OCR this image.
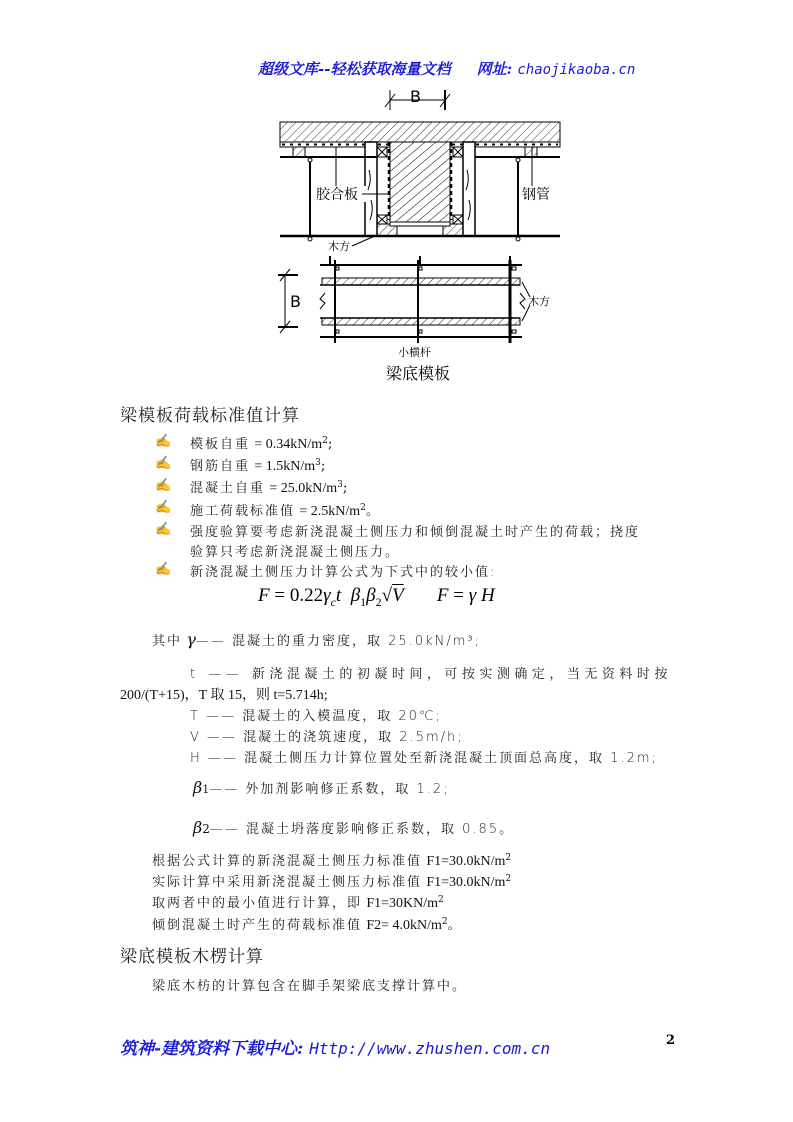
超级文库--轻松获取海量文档 网址: chaojikaoba.cn
胶合板	钢管
木方
B	木方
小横杆
梁底模板
B
梁模板荷载标准值计算
✍ 模板自重 = $0.34kN/m^2$;
✍ 钢筋自重 = $1.5kN/m^3$;
✍ 混凝土自重 = $25.0kN/m^3$;
✍ 施工荷载标准值 = $2.5kN/m^2$。
✍ 强度验算要考虑新浇混凝土侧压力和倾倒混凝土时产生的荷载；挠度
验算只考虑新浇混凝土侧压力。
✍ 新浇混凝土侧压力计算公式为下式中的较小值:
$F = 0.22\gamma_ct$ $\beta_1\beta_2√V$ F = γ H
其中 γ—— 混凝土的重力密度，取 25.0kN/m³;
t —— 新浇混凝土的初凝时间，可按实测确定，当无资料时按
200/(T+15)，T 取 15，则 t=5.714h;
T —— 混凝土的入模温度，取 20℃;
V —— 混凝土的浇筑速度，取 2.5m/h;
H —— 混凝土侧压力计算位置处至新浇混凝土顶面总高度，取 1.2m;
β1—— 外加剂影响修正系数，取 1.2;
β2—— 混凝土坍落度影响修正系数，取 0.85。
根据公式计算的新浇混凝土侧压力标准值 $F1=30.0kN/m^2$
实际计算中采用新浇混凝土侧压力标准值 $F1=30.0kN/m^2$
取两者中的最小值进行计算，即 $F1=30KN/m^2$
倾倒混凝土时产生的荷载标准值 $F2= 4.0kN/m^2$。
梁底模板木楞计算
梁底木枋的计算包含在脚手架梁底支撑计算中。
筑神-建筑资料下载中心: Http://www.zhushen.com.cn	2
